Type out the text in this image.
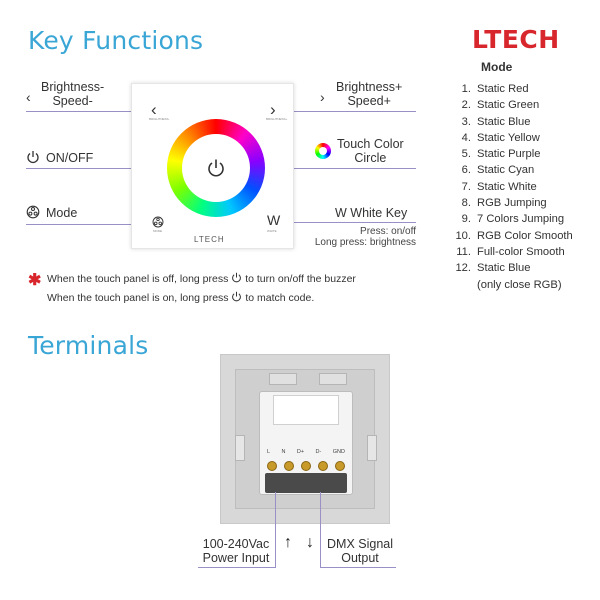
Key Functions	LTECH
‹
Brightness-
Speed-
ON/OFF
Mode
›
Brightness+
Speed+
Touch Color
Circle
W White Key
Press: on/off
Long press: brightness
‹
BRIGHTNESS-	›
BRIGHTNESS+
MODE
W
WHITE
LTECH
Mode
1. Static Red
2. Static Green
3. Static Blue
4. Static Yellow
5. Static Purple
6. Static Cyan
7. Static White
8. RGB Jumping
9. 7 Colors Jumping
10. RGB Color Smooth
11. Full-color Smooth
12. Static Blue
(only close RGB)
✱ When the touch panel is off, long press to turn on/off the buzzer
When the touch panel is on, long press to match code.
Terminals
L N D+ D- GND
↑ ↓
100-240Vac
Power Input
DMX Signal
Output
